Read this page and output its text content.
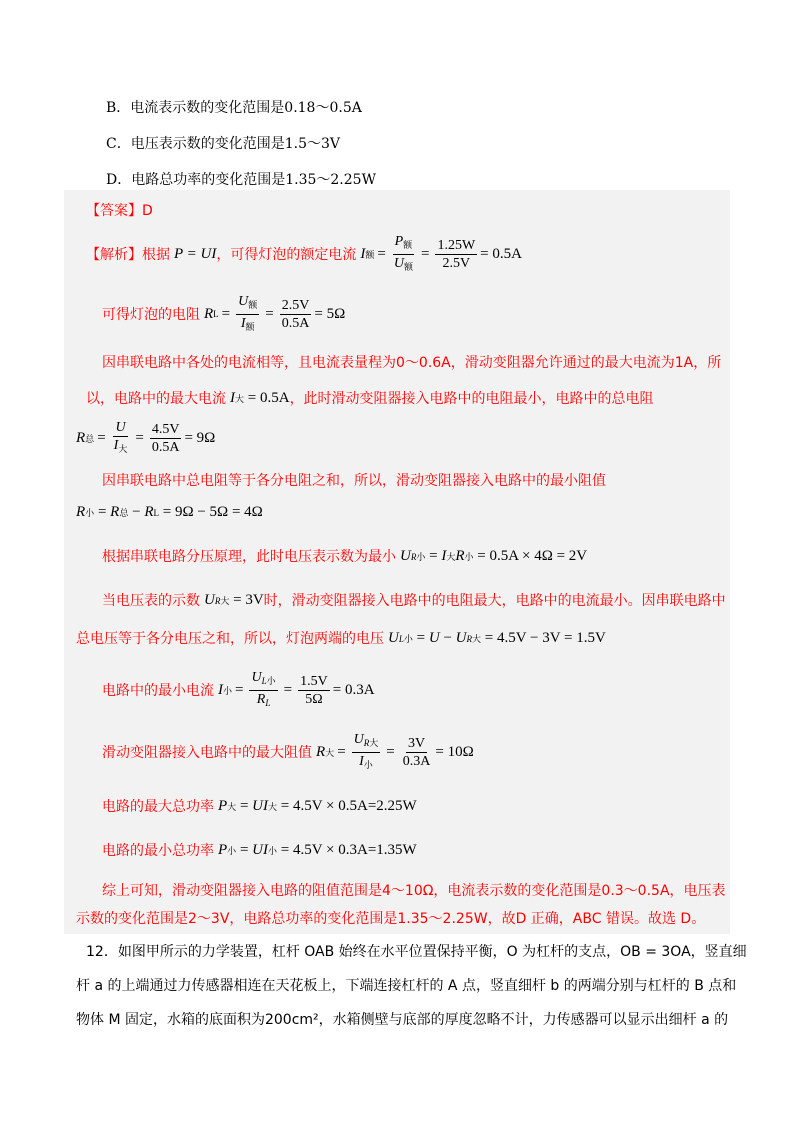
B．电流表示数的变化范围是0.18～0.5A
C．电压表示数的变化范围是1.5～3V
D．电路总功率的变化范围是1.35～2.25W
【答案】D
【解析】 根据 P = UI ，可得灯泡的额定电流 I 额 = $\frac{P_额}{U_额} = \frac{1.25W}{2.5V} = 0.5A$
可得灯泡的电阻 R $L = \frac{U_额}{I_额} = \frac{2.5V}{0.5A} = 5\Omega$
因串联电路中各处的电流相等，且电流表量程为0～0.6A，滑动变阻器允许通过的最大电流为1A，所
以，电路中的最大电流 I 大
= 0.5A ，此时滑动变阻器接入电路中的电阻最小，电路中的总电阻
R 总 = $\frac{U}{I_大} = \frac{4.5V}{0.5A} = 9\Omega$
因串联电路中总电阻等于各分电阻之和，所以，滑动变阻器接入电路中的最小阻值
R 小 = R 总 − R L
= 9Ω − 5Ω = 4Ω
根据串联电路分压原理，此时电压表示数为最小 U R小 = I 大 R 小
= 0.5A × 4Ω = 2V
当电压表的示数 U R大
= 3V 时，滑动变阻器接入电路中的电阻最大，电路中的电流最小。因串联电路中
总电压等于各分电压之和，所以，灯泡两端的电压 U L小 = U − U R大
= 4.5V − 3V = 1.5V
电路中的最小电流 I 小 = $\frac{U_{L小}}{R_L} = \frac{1.5V}{5\Omega} = 0.3A$
滑动变阻器接入电路中的最大阻值 R 大 = $\frac{U_{R大}}{I_小} = \frac{3V}{0.3A} = 10\Omega$
电路的最大总功率 P 大 = UI 大
= 4.5V × 0.5A=2.25W
电路的最小总功率 P 小 = UI 小
= 4.5V × 0.3A=1.35W
综上可知，滑动变阻器接入电路的阻值范围是4～10Ω，电流表示数的变化范围是0.3～0.5A，电压表
示数的变化范围是2～3V，电路总功率的变化范围是1.35～2.25W，故D 正确，ABC 错误。故选 D。
12．如图甲所示的力学装置，杠杆 OAB 始终在水平位置保持平衡，O 为杠杆的支点，OB = 3OA，竖直细
杆 a 的上端通过力传感器相连在天花板上，下端连接杠杆的 A 点，竖直细杆 b 的两端分别与杠杆的 B 点和
物体 M 固定，水箱的底面积为200cm²，水箱侧壁与底部的厚度忽略不计，力传感器可以显示出细杆 a 的
